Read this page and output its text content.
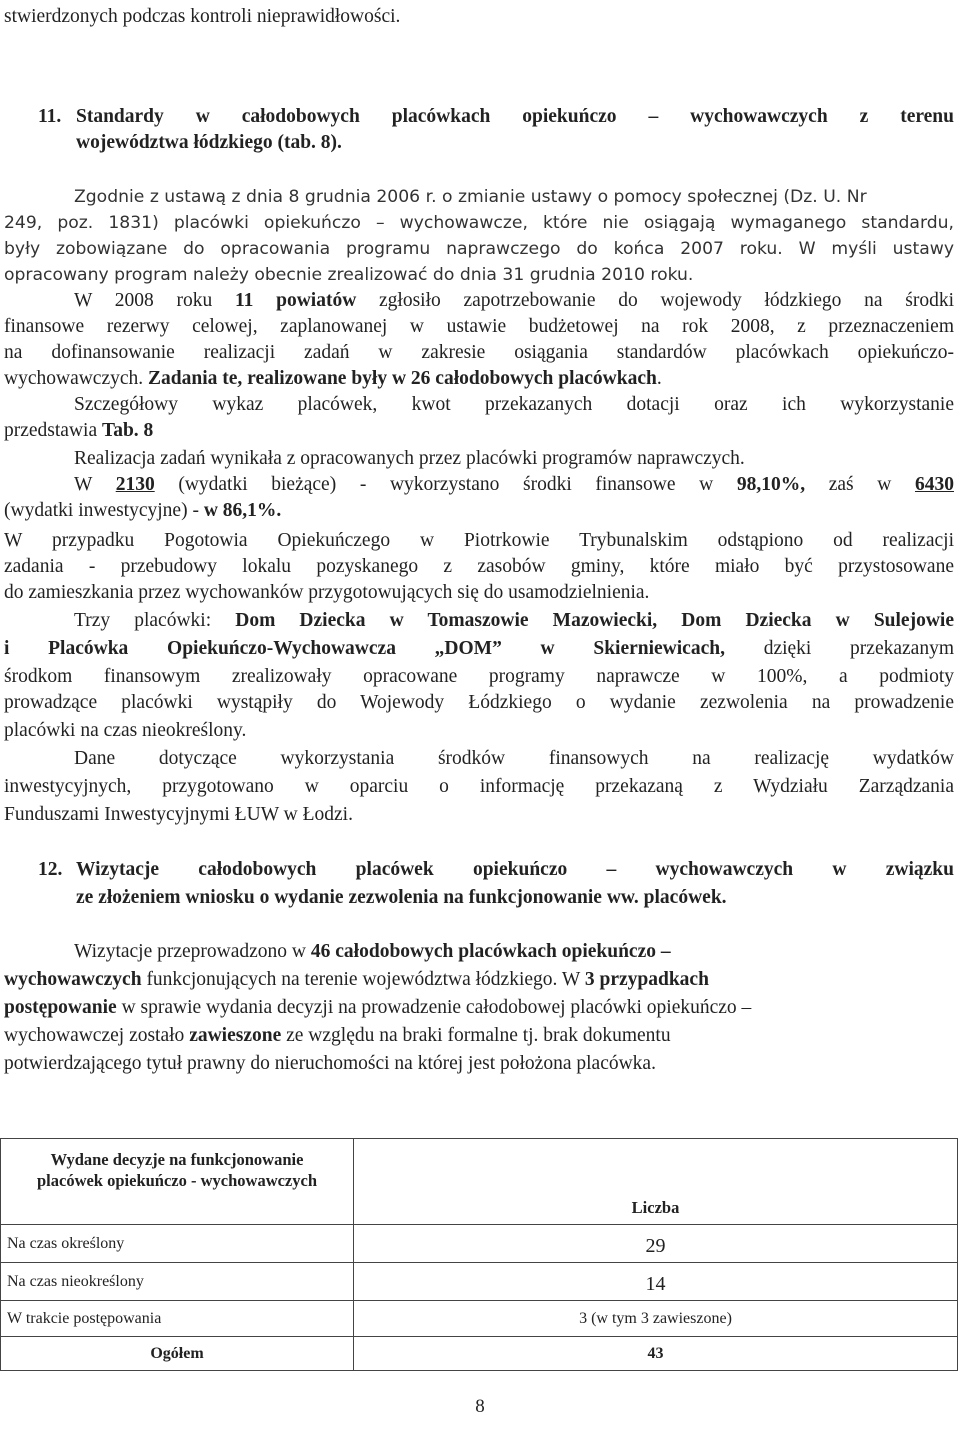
stwierdzonych podczas kontroli nieprawidłowości.
11. Standardy w całodobowych placówkach opiekuńczo – wychowawczych z terenu
województwa łódzkiego (tab. 8).
Zgodnie z ustawą z dnia 8 grudnia 2006 r. o zmianie ustawy o pomocy społecznej (Dz. U. Nr
249, poz. 1831) placówki opiekuńczo – wychowawcze, które nie osiągają wymaganego standardu,
były zobowiązane do opracowania programu naprawczego do końca 2007 roku. W myśli ustawy
opracowany program należy obecnie zrealizować do dnia 31 grudnia 2010 roku.
W 2008 roku 11 powiatów zgłosiło zapotrzebowanie do wojewody łódzkiego na środki
finansowe rezerwy celowej, zaplanowanej w ustawie budżetowej na rok 2008, z przeznaczeniem
na dofinansowanie realizacji zadań w zakresie osiągania standardów placówkach opiekuńczo-
wychowawczych. Zadania te, realizowane były w 26 całodobowych placówkach.
Szczegółowy wykaz placówek, kwot przekazanych dotacji oraz ich wykorzystanie
przedstawia Tab. 8
Realizacja zadań wynikała z opracowanych przez placówki programów naprawczych.
W 2130 (wydatki bieżące) - wykorzystano środki finansowe w 98,10%, zaś w 6430
(wydatki inwestycyjne) - w 86,1%.
W przypadku Pogotowia Opiekuńczego w Piotrkowie Trybunalskim odstąpiono od realizacji
zadania - przebudowy lokalu pozyskanego z zasobów gminy, które miało być przystosowane
do zamieszkania przez wychowanków przygotowujących się do usamodzielnienia.
Trzy placówki: Dom Dziecka w Tomaszowie Mazowiecki, Dom Dziecka w Sulejowie
i Placówka Opiekuńczo-Wychowawcza „DOM” w Skierniewicach, dzięki przekazanym
środkom finansowym zrealizowały opracowane programy naprawcze w 100%, a podmioty
prowadzące placówki wystąpiły do Wojewody Łódzkiego o wydanie zezwolenia na prowadzenie
placówki na czas nieokreślony.
Dane dotyczące wykorzystania środków finansowych na realizację wydatków
inwestycyjnych, przygotowano w oparciu o informację przekazaną z Wydziału Zarządzania
Funduszami Inwestycyjnymi ŁUW w Łodzi.
12. Wizytacje całodobowych placówek opiekuńczo – wychowawczych w związku
ze złożeniem wniosku o wydanie zezwolenia na funkcjonowanie ww. placówek.
Wizytacje przeprowadzono w 46 całodobowych placówkach opiekuńczo –
wychowawczych funkcjonujących na terenie województwa łódzkiego. W 3 przypadkach
postępowanie w sprawie wydania decyzji na prowadzenie całodobowej placówki opiekuńczo –
wychowawczej zostało zawieszone ze względu na braki formalne tj. brak dokumentu
potwierdzającego tytuł prawny do nieruchomości na której jest położona placówka.
Wydane decyzje na funkcjonowanie
placówek opiekuńczo - wychowawczych	Liczba
Na czas określony	29
Na czas nieokreślony	14
W trakcie postępowania	3 (w tym 3 zawieszone)
Ogółem	43
8
